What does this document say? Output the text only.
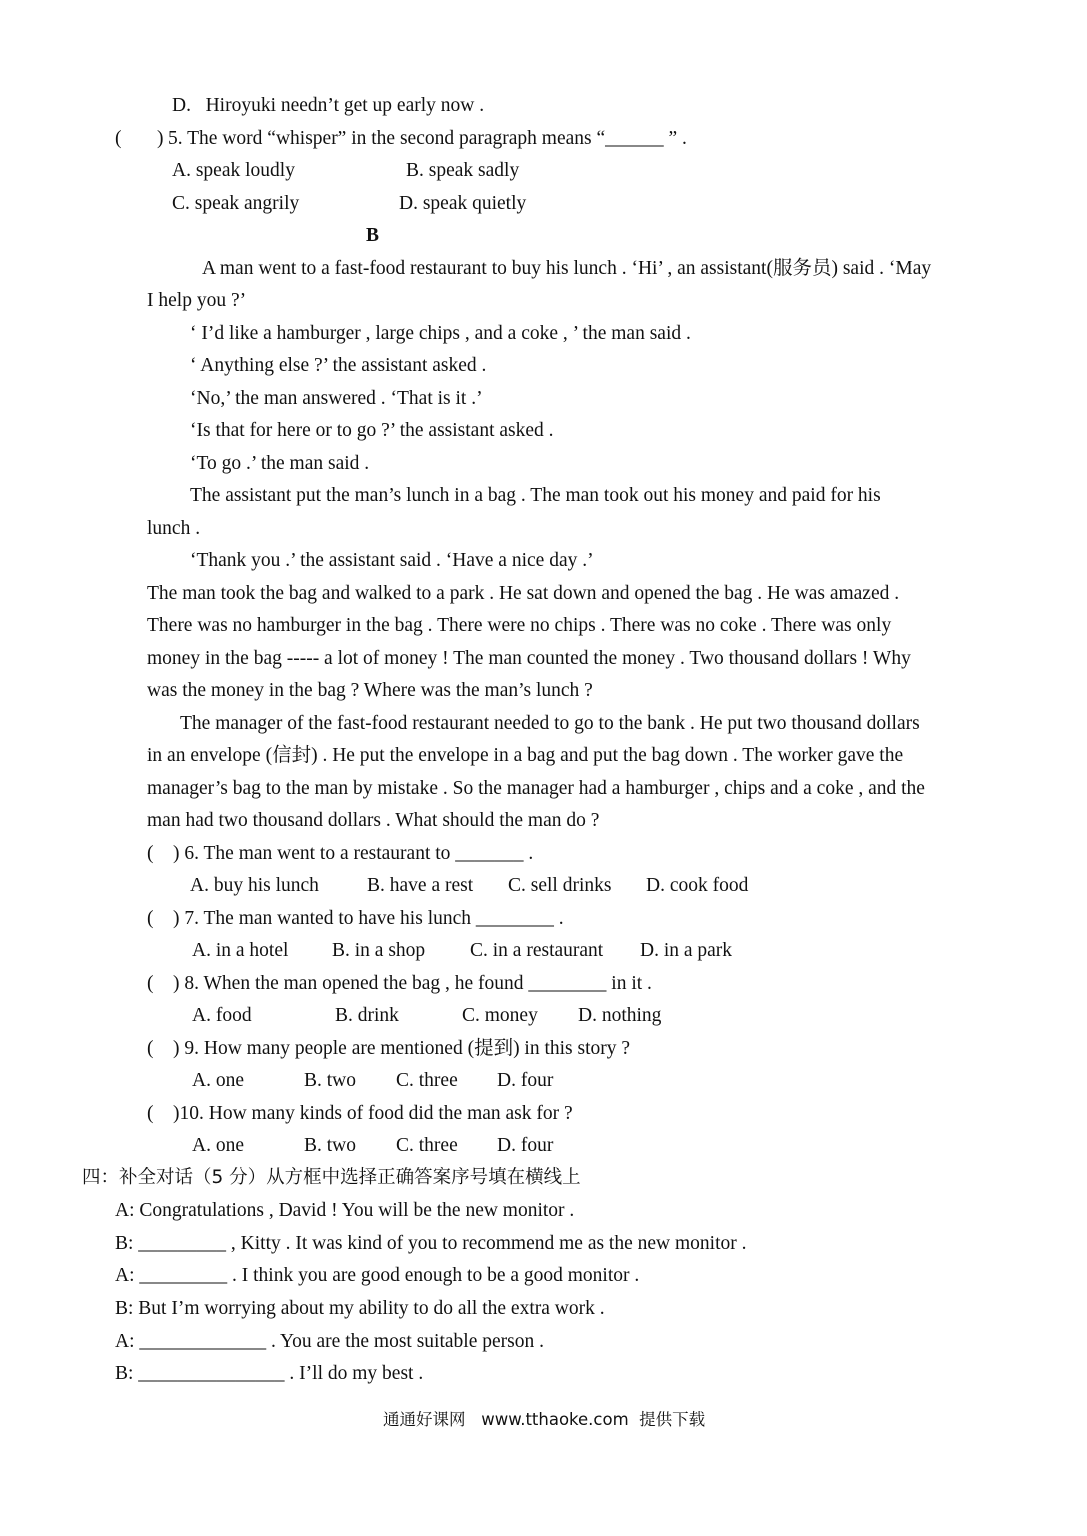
D.   Hiroyuki needn’t get up early now .
( ) 5. The word “whisper” in the second paragraph means “______ ” .
A. speak loudly	B. speak sadly
C. speak angrily	D. speak quietly
B
A man went to a fast-food restaurant to buy his lunch . ‘Hi’ , an assistant(服务员) said . ‘May
I help you ?’
‘ I’d like a hamburger , large chips , and a coke , ’ the man said .
‘ Anything else ?’ the assistant asked .
‘No,’ the man answered . ‘That is it .’
‘Is that for here or to go ?’ the assistant asked .
‘To go .’ the man said .
The assistant put the man’s lunch in a bag . The man took out his money and paid for his
lunch .
‘Thank you .’ the assistant said . ‘Have a nice day .’
The man took the bag and walked to a park . He sat down and opened the bag . He was amazed .
There was no hamburger in the bag . There were no chips . There was no coke . There was only
money in the bag ----- a lot of money ! The man counted the money . Two thousand dollars ! Why
was the money in the bag ? Where was the man’s lunch ?
The manager of the fast-food restaurant needed to go to the bank . He put two thousand dollars
in an envelope (信封) . He put the envelope in a bag and put the bag down . The worker gave the
manager’s bag to the man by mistake . So the manager had a hamburger , chips and a coke , and the
man had two thousand dollars . What should the man do ?
(    ) 6. The man went to a restaurant to _______ .
A. buy his lunch B. have a rest C. sell drinks D. cook food
(    ) 7. The man wanted to have his lunch ________ .
A. in a hotel B. in a shop C. in a restaurant D. in a park
(    ) 8. When the man opened the bag , he found ________ in it .
A. food	B. drink	C. money D. nothing
(    ) 9. How many people are mentioned (提到) in this story ?
A. one	B. two C. three D. four
(    )10. How many kinds of food did the man ask for ?
A. one	B. two C. three D. four
四：补全对话（5 分）从方框中选择正确答案序号填在横线上
A: Congratulations , David ! You will be the new monitor .
B: _________ , Kitty . It was kind of you to recommend me as the new monitor .
A: _________ . I think you are good enough to be a good monitor .
B: But I’m worrying about my ability to do all the extra work .
A: _____________ . You are the most suitable person .
B: _______________ . I’ll do my best .
通通好课网   www.tthaoke.com  提供下载
